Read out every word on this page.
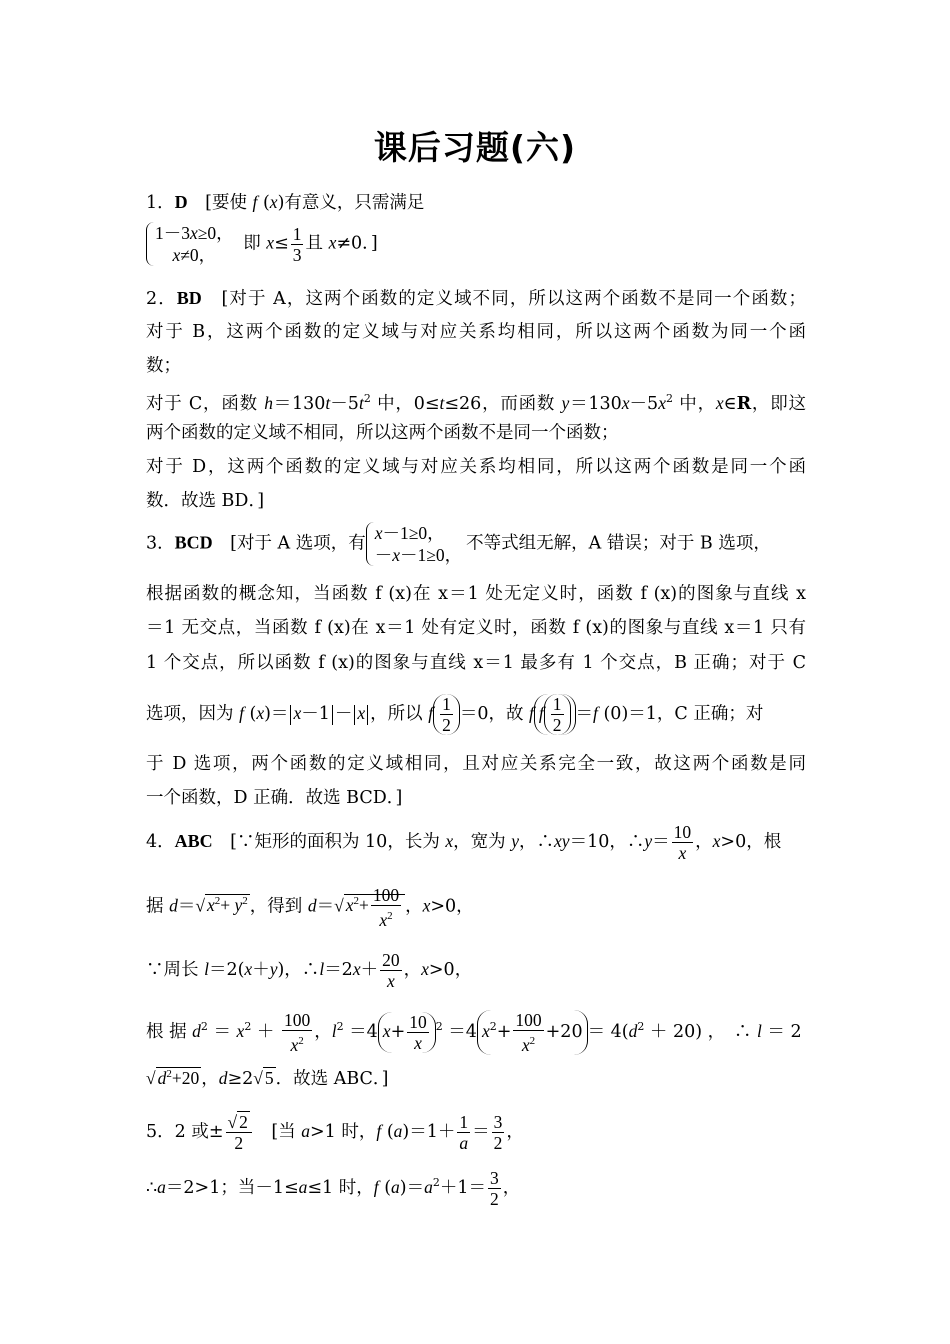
课后习题(六)
1．D　[要使 f (x)有意义，只需满足
1－3x≥0，
　x≠0，
即 $x\le \frac{1}{3}$ 且 x≠0．]
2．BD　 [对于 A，这两个函数的定义域不同，所以这两个函数不是同一个函数；
对于 B，这两个函数的定义域与对应关系均相同，所以这两个函数为同一个函
数；
对于 C，函数 $h=130t-5t^2$ 中，0≤t≤26，而函数 $y=130x-5x^2$ 中，x∈R，即这
两个函数的定义域不相同，所以这两个函数不是同一个函数；
对于 D，这两个函数的定义域与对应关系均相同，所以这两个函数是同一个函
数．故选 BD．]
3．BCD　[对于 A 选项，有
x－1≥0，
－x－1≥0，
不等式组无解，A 错误；对于 B 选项，
根据函数的概念知，当函数 f (x)在 x＝1 处无定义时，函数 f (x)的图象与直线 x
＝1 无交点，当函数 f (x)在 x＝1 处有定义时，函数 f (x)的图象与直线 x＝1 只有
1 个交点，所以函数 f (x)的图象与直线 x＝1 最多有 1 个交点，B 正确；对于 C
选项，因为 f (x)＝ x－1 － x ，所以 f $\frac{1}{2} =0$，故 f f $\frac{1}{2} =f$ (0)＝1，C 正确；对
于 D 选项，两个函数的定义域相同，且对应关系完全一致，故这两个函数是同
一个函数，D 正确．故选 BCD．]
4．ABC　[∵矩形的面积为 10，长为 x，宽为 y，∴xy＝10，∴y＝ $\frac{10}{x}$ ，x>0，根
据 d＝√ $x^2+ y^2$ ，得到 d＝√ $x^2+ \frac{100}{x^2}$ ，x>0，
∵周长 l＝2(x＋y)，∴l＝2x＋ $\frac{20}{x}$ ，x>0，
根 据 $d^2 = x^2 + \frac{100}{x^2}$ ，$l^2 =4$ $x+ \frac{10}{x} ^2 =4$ $x^2+ \frac{100}{x^2} +20 = 4(d^2 + 20)$ ，　∴ l ＝ 2
√ $d^2+20$ ，d≥2√ 5 ．故选 ABC．]
5．2 或± $\frac{√ 2}{2}$ 　[当 a>1 时，f $(a)=1+ \frac{1}{a} = \frac{3}{2}$ ，
∴a＝2>1；当－1≤a≤1 时，f $(a)=a^2+1= \frac{3}{2}$ ，
